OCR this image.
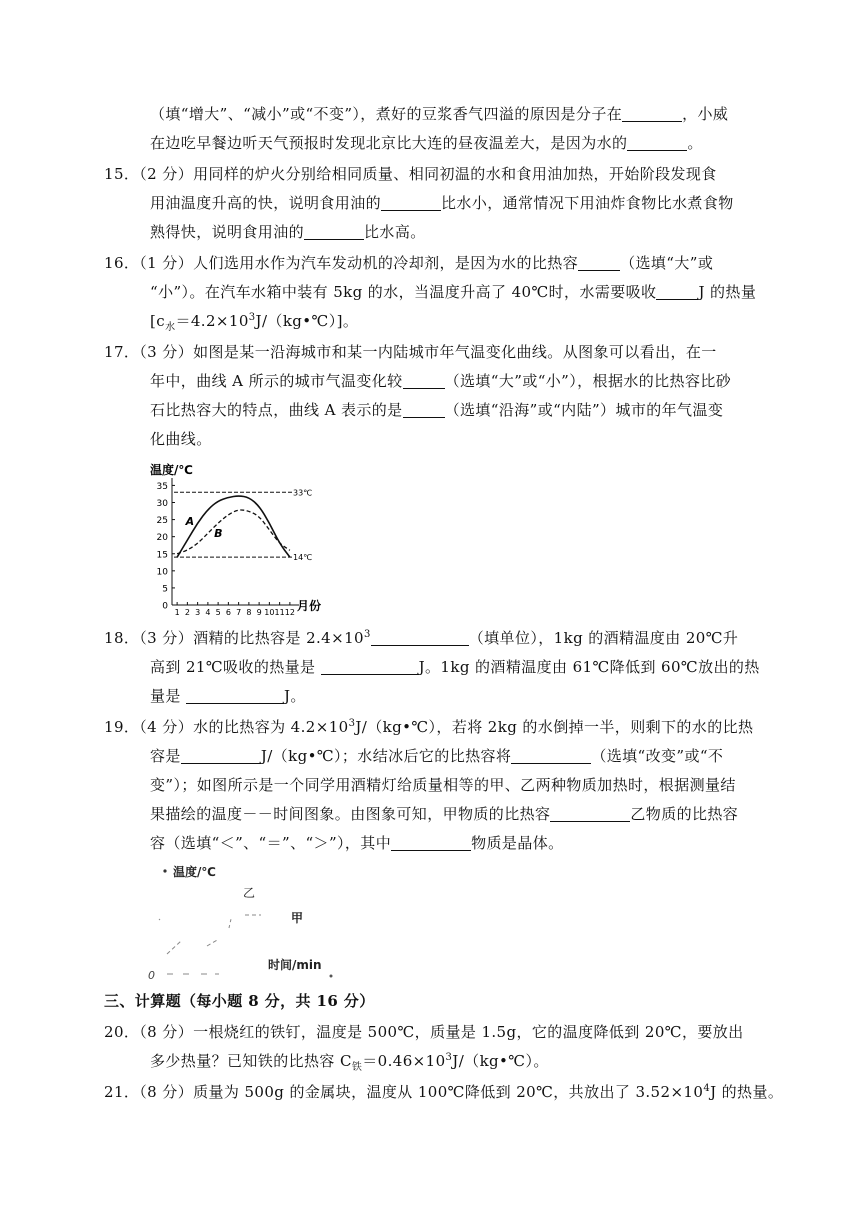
（填“增大”、“减小”或“不变”），煮好的豆浆香气四溢的原因是分子在	，小威
在边吃早餐边听天气预报时发现北京比大连的昼夜温差大，是因为水的	。
15．（2 分）用同样的炉火分别给相同质量、相同初温的水和食用油加热，开始阶段发现食
用油温度升高的快，说明食用油的	比水小，通常情况下用油炸食物比水煮食物
熟得快，说明食用油的	比水高。
16．（1 分）人们选用水作为汽车发动机的冷却剂，是因为水的比热容	（选填“大”或
“小”）。在汽车水箱中装有 5kg 的水，当温度升高了 40℃时，水需要吸收	J 的热量
$[c_水=4.2\times 10^3J/(kg•℃)]$。
17．（3 分）如图是某一沿海城市和某一内陆城市年气温变化曲线。从图象可以看出，在一
年中，曲线 A 所示的城市气温变化较	（选填“大”或“小”），根据水的比热容比砂
石比热容大的特点，曲线 A 表示的是	（选填“沿海”或“内陆”）城市的年气温变
化曲线。
温度/℃
月份
0
5
10
15
20
25
30
35
1 2 3 4 5 6 7 8 9 10 11 12
33℃
14℃
A
B
18．（3 分）酒精的比热容是 $2.4\times 10^3$	（填单位），1kg 的酒精温度由 20℃升
高到 21℃吸收的热量是	J。1kg 的酒精温度由 61℃降低到 60℃放出的热
量是	J。
19．（4 分）水的比热容为 $4.2\times 10^3J/(kg•℃)$，若将 2kg 的水倒掉一半，则剩下的水的比热
容是	J/（kg•℃）；水结冰后它的比热容将	（选填“改变”或“不
变”）；如图所示是一个同学用酒精灯给质量相等的甲、乙两种物质加热时，根据测量结
果描绘的温度－－时间图象。由图象可知，甲物质的比热容	乙物质的比热容
容（选填“＜”、“＝”、“＞”），其中	物质是晶体。
温度/℃
乙
甲
时间/min
0
三、计算题（每小题 8 分，共 16 分）
20．（8 分）一根烧红的铁钉，温度是 500℃，质量是 1.5g，它的温度降低到 20℃，要放出
多少热量？已知铁的比热容 $C_铁=0.46\times 10^3J/(kg•℃)$。
21．（8 分）质量为 500g 的金属块，温度从 100℃降低到 20℃，共放出了 $3.52\times 10^4J$ 的热量。
